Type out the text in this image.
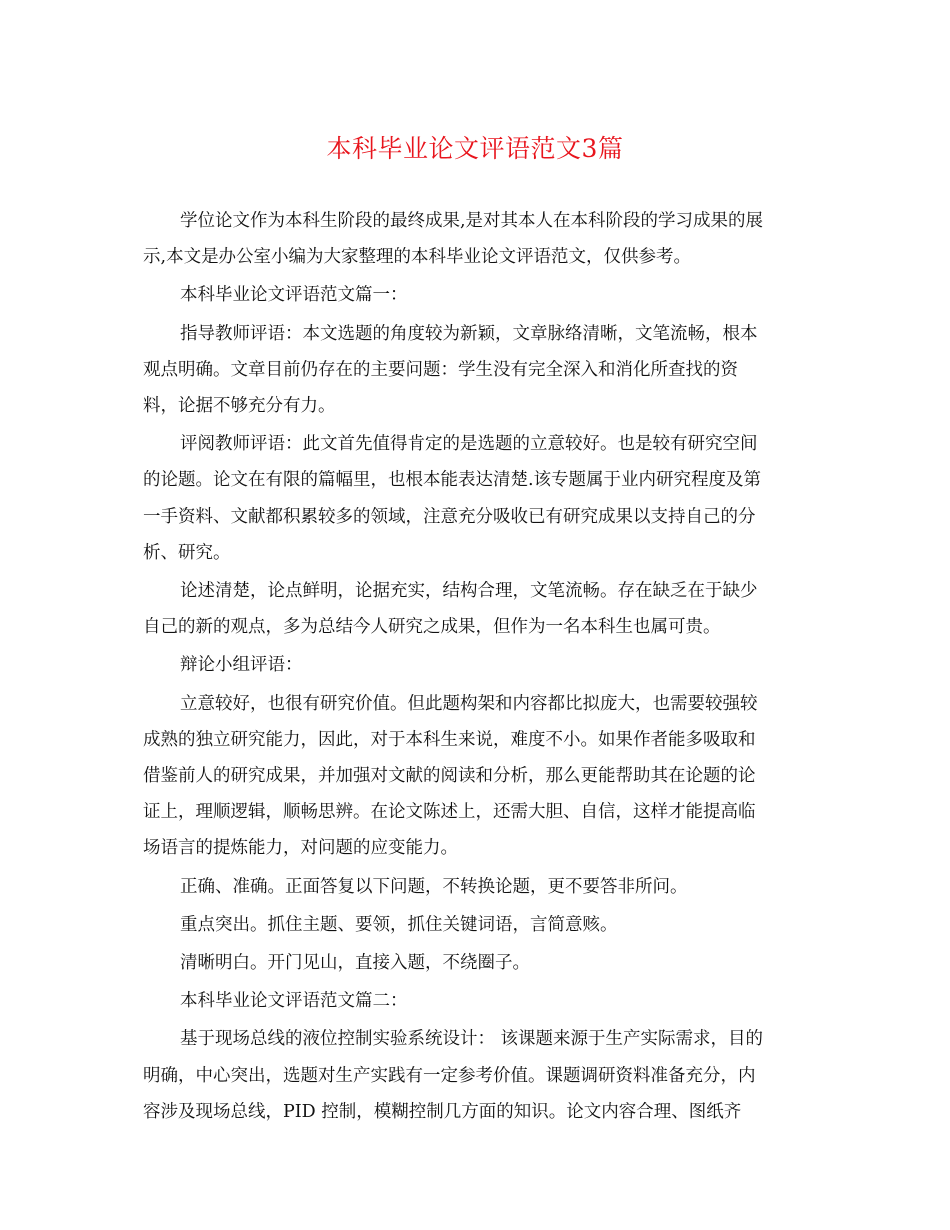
本科毕业论文评语范文3篇
学位论文作为本科生阶段的最终成果,是对其本人在本科阶段的学习成果的展
示,本文是办公室小编为大家整理的本科毕业论文评语范文，仅供参考。
本科毕业论文评语范文篇一：
指导教师评语：本文选题的角度较为新颖，文章脉络清晰，文笔流畅，根本
观点明确。文章目前仍存在的主要问题：学生没有完全深入和消化所查找的资
料，论据不够充分有力。
评阅教师评语：此文首先值得肯定的是选题的立意较好。也是较有研究空间
的论题。论文在有限的篇幅里，也根本能表达清楚.该专题属于业内研究程度及第
一手资料、文献都积累较多的领域，注意充分吸收已有研究成果以支持自己的分
析、研究。
论述清楚，论点鲜明，论据充实，结构合理，文笔流畅。存在缺乏在于缺少
自己的新的观点，多为总结今人研究之成果，但作为一名本科生也属可贵。
辩论小组评语：
立意较好，也很有研究价值。但此题构架和内容都比拟庞大，也需要较强较
成熟的独立研究能力，因此，对于本科生来说，难度不小。如果作者能多吸取和
借鉴前人的研究成果，并加强对文献的阅读和分析，那么更能帮助其在论题的论
证上，理顺逻辑，顺畅思辨。在论文陈述上，还需大胆、自信，这样才能提高临
场语言的提炼能力，对问题的应变能力。
正确、准确。正面答复以下问题，不转换论题，更不要答非所问。
重点突出。抓住主题、要领，抓住关键词语，言简意赅。
清晰明白。开门见山，直接入题，不绕圈子。
本科毕业论文评语范文篇二：
基于现场总线的液位控制实验系统设计： 该课题来源于生产实际需求，目的
明确，中心突出，选题对生产实践有一定参考价值。课题调研资料准备充分，内
容涉及现场总线，PID 控制，模糊控制几方面的知识。论文内容合理、图纸齐
